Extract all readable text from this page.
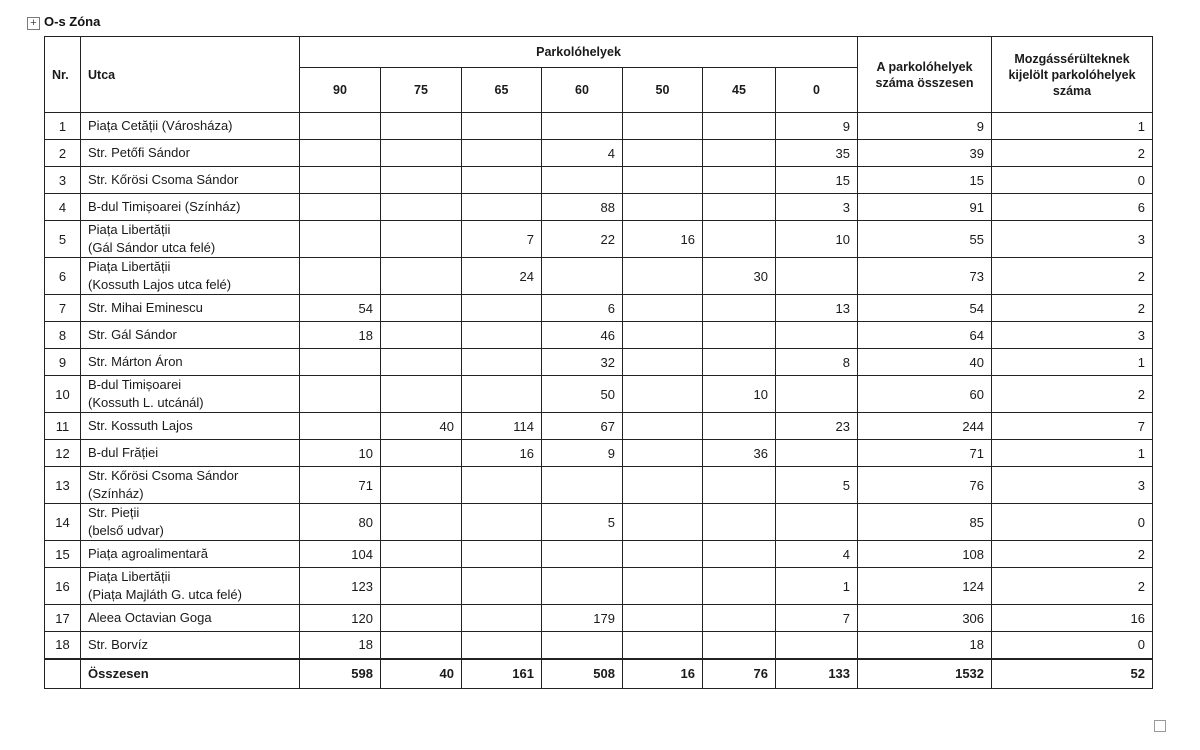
+ O-s Zóna
Nr.	Utca	Parkolóhelyek							A parkolóhelyek száma összesen	Mozgássérülteknek kijelölt parkolóhelyek száma
		90	75	65	60	50	45	0		
1	Piața Cetății (Városháza)							9	9	1
2	Str. Petőfi Sándor				4			35	39	2
3	Str. Kőrösi Csoma Sándor							15	15	0
4	B-dul Timișoarei (Színház)				88			3	91	6
5	Piața Libertății
(Gál Sándor utca felé)			7	22	16		10	55	3
6	Piața Libertății
(Kossuth Lajos utca felé)			24			30		73	2
7	Str. Mihai Eminescu	54			6			13	54	2
8	Str. Gál Sándor	18			46				64	3
9	Str. Márton Áron				32			8	40	1
10	B-dul Timișoarei
(Kossuth L. utcánál)				50		10		60	2
11	Str. Kossuth Lajos		40	114	67			23	244	7
12	B-dul Frăției	10		16	9		36		71	1
13	Str. Kőrösi Csoma Sándor
(Színház)	71						5	76	3
14	Str. Pieții
(belső udvar)	80			5				85	0
15	Piața agroalimentară	104						4	108	2
16	Piața Libertății
(Piața Majláth G. utca felé)	123						1	124	2
17	Aleea Octavian Goga	120			179			7	306	16
18	Str. Borvíz	18							18	0
	Összesen	598	40	161	508	16	76	133	1532	52
